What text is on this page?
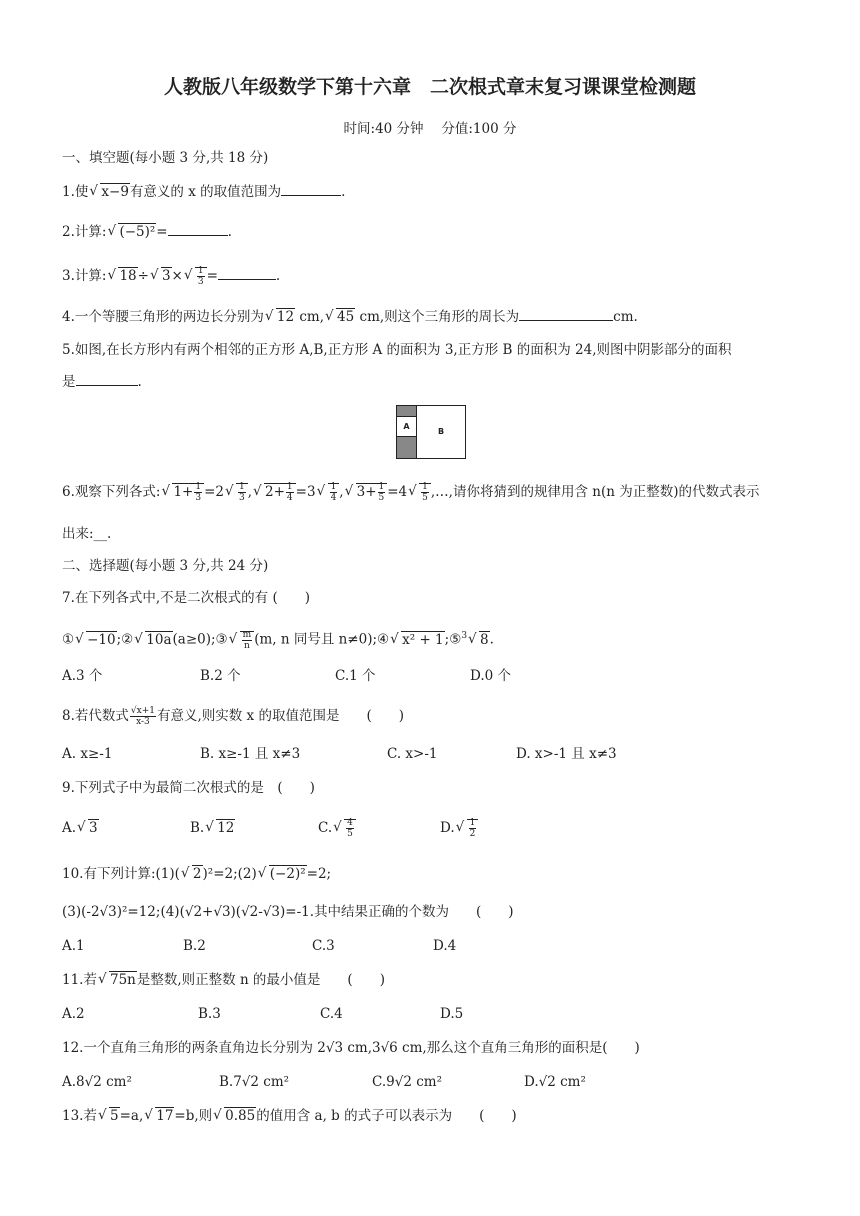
人教版八年级数学下第十六章　二次根式章末复习课课堂检测题
时间:40 分钟　 分值:100 分
一、填空题(每小题 3 分,共 18 分)
1.使 √ x−9有意义的 x 的取值范围为	.
2.计算: √ (−5)²=	.
3.计算: √ 18÷ √ 3× √ $\frac{1}{3}$ =	.
4.一个等腰三角形的两边长分别为 √ 12 cm, √ 45 cm,则这个三角形的周长为	cm.
5.如图,在长方形内有两个相邻的正方形 A,B,正方形 A 的面积为 3,正方形 B 的面积为 24,则图中阴影部分的面积
是	.
A
B
6.观察下列各式: √ $1+ \frac{1}{3} =2$ √ $\frac{1}{3}$ , √ $2+ \frac{1}{4} =3$ √ $\frac{1}{4}$ , √ $3+ \frac{1}{5} =4$ √ $\frac{1}{5}$ ,…,请你将猜到的规律用含 n(n 为正整数)的代数式表示
出来:__.
二、选择题(每小题 3 分,共 24 分)
7.在下列各式中,不是二次根式的有 (　　)
① √ −10;② √ 10a(a≥0);③ √ $\frac{m}{n} (m$, n 同号且 n≠0);④ √ x² + 1;⑤$^3$ √ 8.
A.3 个	B.2 个	C.1 个	D.0 个
8.若代数式 $\frac{√x+1}{x-3}$ 有意义,则实数 x 的取值范围是　　(　　)
A. x≥-1	B. x≥-1 且 x≠3	C. x>-1	D. x>-1 且 x≠3
9.下列式子中为最简二次根式的是　(　　)
A. √ 3	B. √ 12	C. √ $\frac{4}{5}$	D. √ $\frac{1}{2}$
10.有下列计算:(1)( √ 2)²=2;(2) √ (−2)²=2;
(3)(-2√3)²=12;(4)(√2+√3)(√2-√3)=-1.其中结果正确的个数为　　(　　)
A.1	B.2	C.3	D.4
11.若 √ 75n是整数,则正整数 n 的最小值是　　(　　)
A.2	B.3	C.4	D.5
12.一个直角三角形的两条直角边长分别为 2√3 cm,3√6 cm,那么这个直角三角形的面积是(　　)
A.8√2 cm²	B.7√2 cm²	C.9√2 cm²	D.√2 cm²
13.若 √ 5=a, √ 17=b,则 √ 0.85的值用含 a, b 的式子可以表示为　　(　　)
